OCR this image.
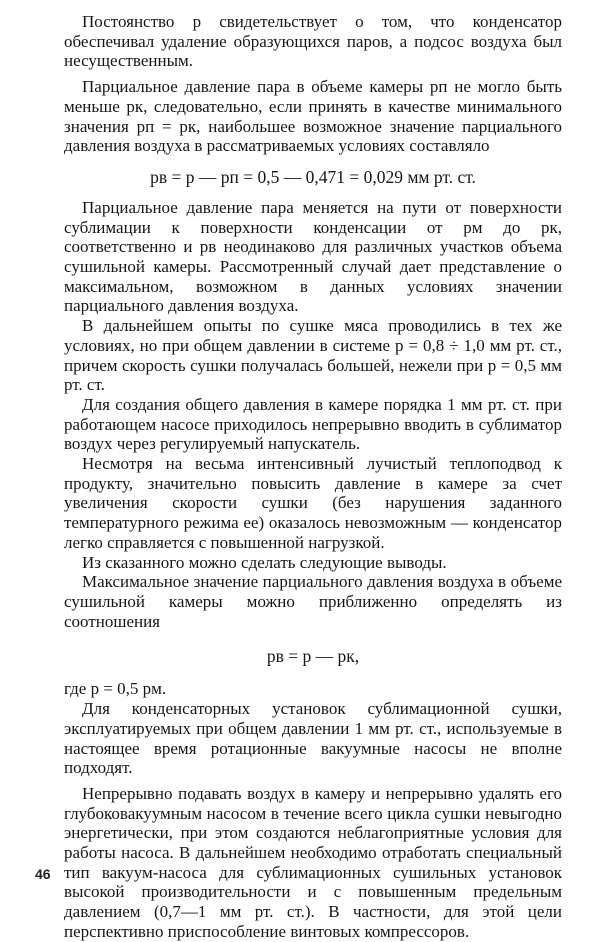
Постоянство p свидетельствует о том, что конденсатор обеспечивал удаление образующихся паров, а подсос воздуха был несущественным.

Парциальное давление пара в объеме камеры pп не могло быть меньше pк, следовательно, если принять в качестве минимального значения pп = pк, наибольшее возможное значение парциального давления воздуха в рассматриваемых условиях составляло

pв = p — pп = 0,5 — 0,471 = 0,029 мм рт. ст.

Парциальное давление пара меняется на пути от поверхности сублимации к поверхности конденсации от pм до pк, соответственно и pв неодинаково для различных участков объема сушильной камеры. Рассмотренный случай дает представление о максимальном, возможном в данных условиях значении парциального давления воздуха.

В дальнейшем опыты по сушке мяса проводились в тех же условиях, но при общем давлении в системе p = 0,8 ÷ 1,0 мм рт. ст., причем скорость сушки получалась большей, нежели при p = 0,5 мм рт. ст.

Для создания общего давления в камере порядка 1 мм рт. ст. при работающем насосе приходилось непрерывно вводить в сублиматор воздух через регулируемый напускатель.

Несмотря на весьма интенсивный лучистый теплоподвод к продукту, значительно повысить давление в камере за счет увеличения скорости сушки (без нарушения заданного температурного режима ее) оказалось невозможным — конденсатор легко справляется с повышенной нагрузкой.

Из сказанного можно сделать следующие выводы.

Максимальное значение парциального давления воздуха в объеме сушильной камеры можно приближенно определять из соотношения

pв = p — pк,

где p = 0,5 pм.

Для конденсаторных установок сублимационной сушки, эксплуатируемых при общем давлении 1 мм рт. ст., используемые в настоящее время ротационные вакуумные насосы не вполне подходят.

Непрерывно подавать воздух в камеру и непрерывно удалять его глубоковакуумным насосом в течение всего цикла сушки невыгодно энергетически, при этом создаются неблагоприятные условия для работы насоса. В дальнейшем необходимо отработать специальный тип вакуум-насоса для сублимационных сушильных установок высокой производительности и с повышенным предельным давлением (0,7—1 мм рт. ст.). В частности, для этой цели перспективно приспособление винтовых компрессоров.

46
